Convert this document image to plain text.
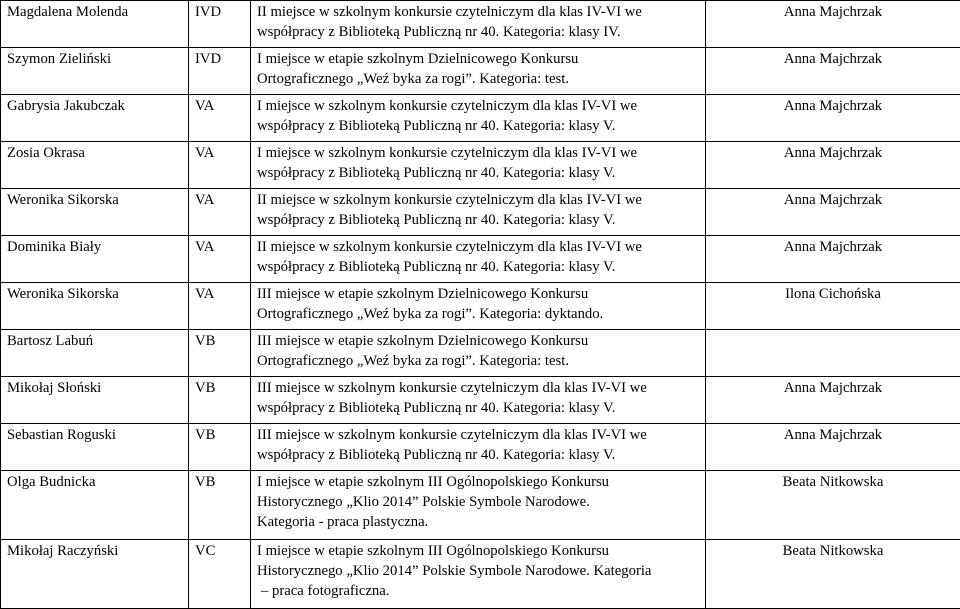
Magdalena Molenda	IVD	II miejsce w szkolnym konkursie czytelniczym dla klas IV-VI we
współpracy z Biblioteką Publiczną nr 40. Kategoria: klasy IV.	Anna Majchrzak
Szymon Zieliński	IVD	I miejsce w etapie szkolnym Dzielnicowego Konkursu
Ortograficznego „Weź byka za rogi”. Kategoria: test.	Anna Majchrzak
Gabrysia Jakubczak	VA	I miejsce w szkolnym konkursie czytelniczym dla klas IV-VI we
współpracy z Biblioteką Publiczną nr 40. Kategoria: klasy V.	Anna Majchrzak
Zosia Okrasa	VA	I miejsce w szkolnym konkursie czytelniczym dla klas IV-VI we
współpracy z Biblioteką Publiczną nr 40. Kategoria: klasy V.	Anna Majchrzak
Weronika Sikorska	VA	II miejsce w szkolnym konkursie czytelniczym dla klas IV-VI we
współpracy z Biblioteką Publiczną nr 40. Kategoria: klasy V.	Anna Majchrzak
Dominika Biały	VA	II miejsce w szkolnym konkursie czytelniczym dla klas IV-VI we
współpracy z Biblioteką Publiczną nr 40. Kategoria: klasy V.	Anna Majchrzak
Weronika Sikorska	VA	III miejsce w etapie szkolnym Dzielnicowego Konkursu
Ortograficznego „Weź byka za rogi”. Kategoria: dyktando.	Ilona Cichońska
Bartosz Labuń	VB	III miejsce w etapie szkolnym Dzielnicowego Konkursu
Ortograficznego „Weź byka za rogi”. Kategoria: test.	

Mikołaj Słoński	VB	III miejsce w szkolnym konkursie czytelniczym dla klas IV-VI we
współpracy z Biblioteką Publiczną nr 40. Kategoria: klasy V.	Anna Majchrzak
Sebastian Roguski	VB	III miejsce w szkolnym konkursie czytelniczym dla klas IV-VI we
współpracy z Biblioteką Publiczną nr 40. Kategoria: klasy V.	Anna Majchrzak
Olga Budnicka	VB	I miejsce w etapie szkolnym III Ogólnopolskiego Konkursu
Historycznego „Klio 2014” Polskie Symbole Narodowe.
Kategoria - praca plastyczna.	Beata Nitkowska
Mikołaj Raczyński	VC	I miejsce w etapie szkolnym III Ogólnopolskiego Konkursu
Historycznego „Klio 2014” Polskie Symbole Narodowe. Kategoria
– praca fotograficzna.	Beata Nitkowska
